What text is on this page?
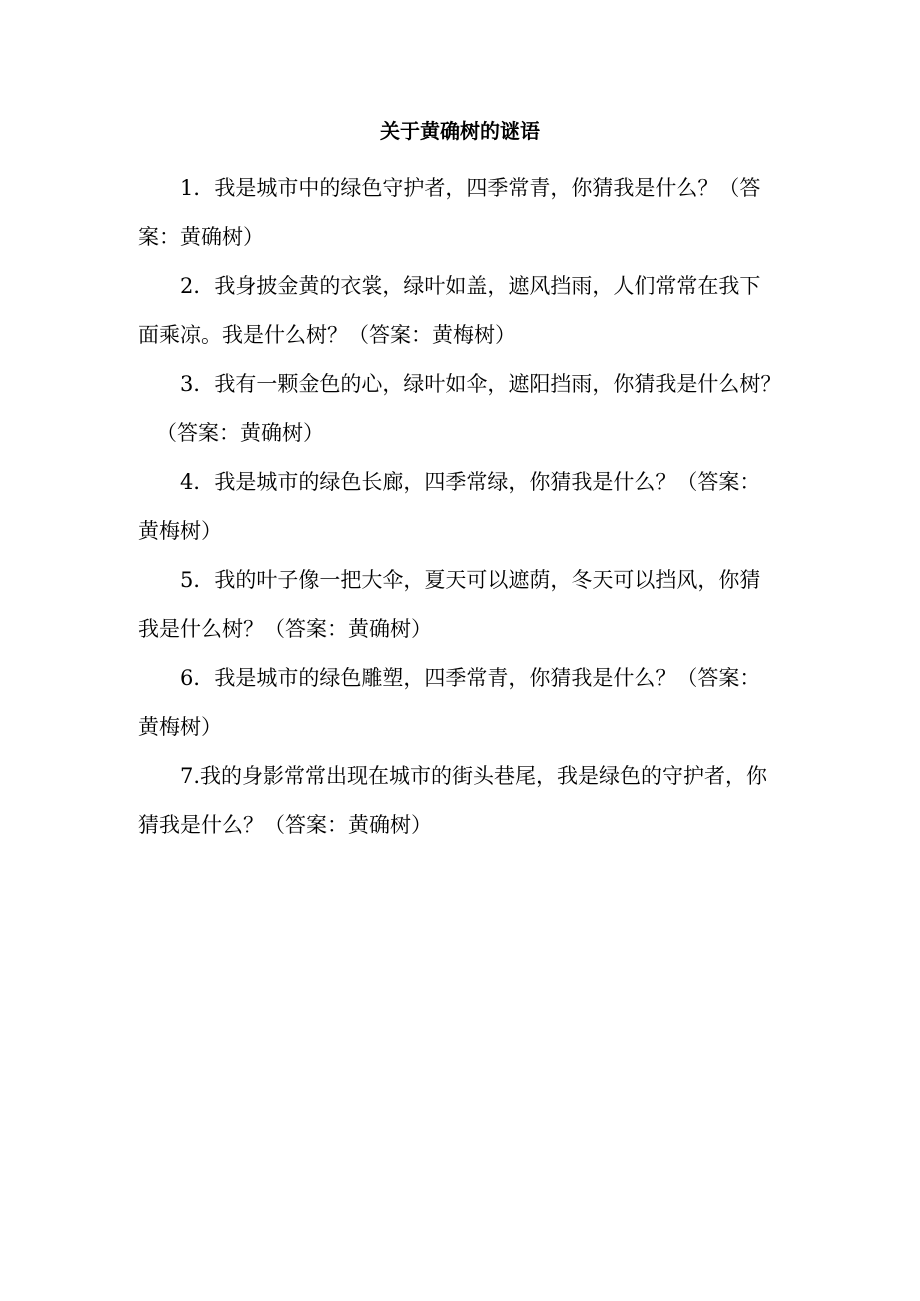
关于黄确树的谜语
1．我是城市中的绿色守护者，四季常青，你猜我是什么？（答
案：黄确树）
2．我身披金黄的衣裳，绿叶如盖，遮风挡雨，人们常常在我下
面乘凉。我是什么树？（答案：黄梅树）
3．我有一颗金色的心，绿叶如伞，遮阳挡雨，你猜我是什么树？
（答案：黄确树）
4．我是城市的绿色长廊，四季常绿，你猜我是什么？（答案：
黄梅树）
5．我的叶子像一把大伞，夏天可以遮荫，冬天可以挡风，你猜
我是什么树？（答案：黄确树）
6．我是城市的绿色雕塑，四季常青，你猜我是什么？（答案：
黄梅树）
7.我的身影常常出现在城市的街头巷尾，我是绿色的守护者，你
猜我是什么？（答案：黄确树）
